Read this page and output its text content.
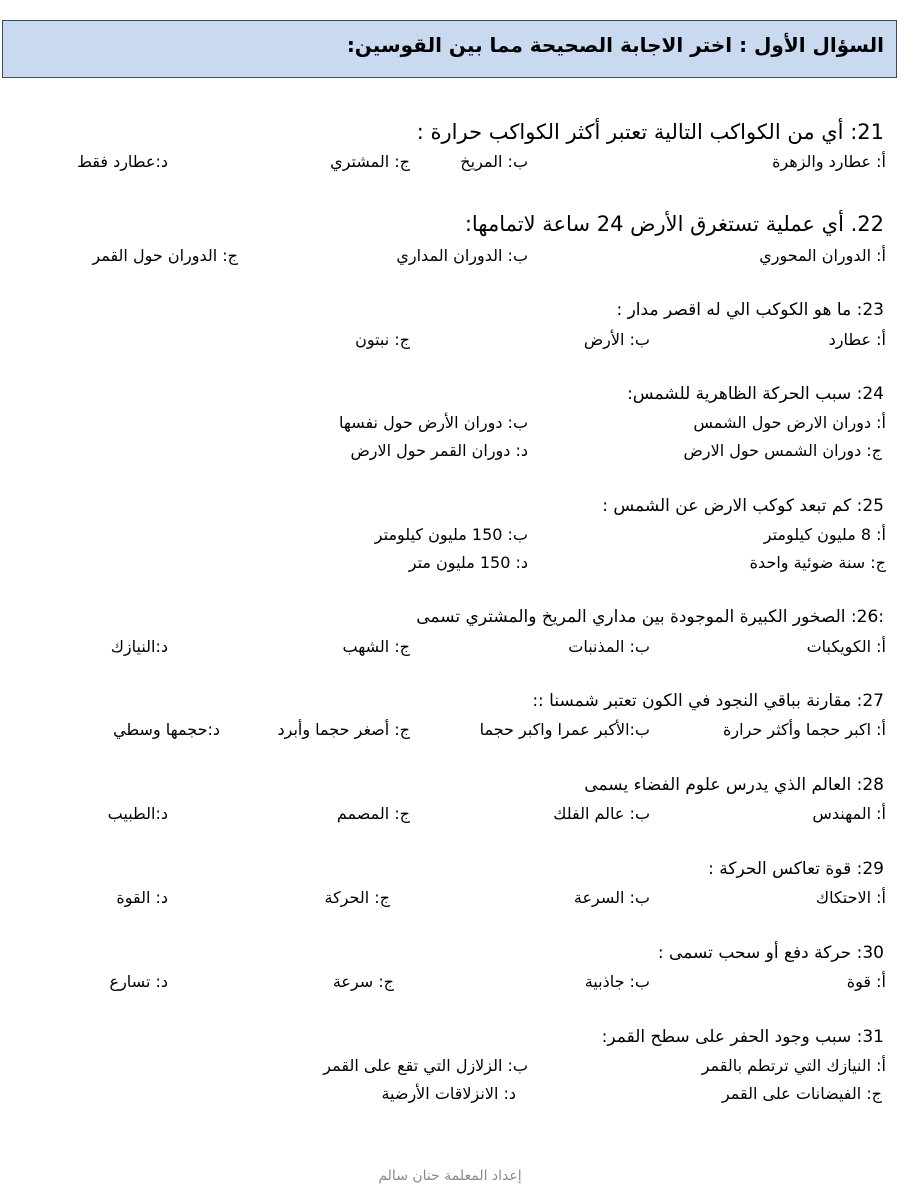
السؤال الأول : اختر الاجابة الصحيحة مما بين القوسين:
21: أي من الكواكب التالية تعتبر أكثر الكواكب حرارة :
أ: عطارد والزهرة
ب: المريخ
ج: المشتري
د:عطارد فقط
22. أي عملية تستغرق الأرض 24 ساعة لاتمامها:
أ: الدوران المحوري
ب: الدوران المداري
ج: الدوران حول القمر
23: ما هو الكوكب الي له اقصر مدار :
أ: عطارد
ب: الأرض
ج: نبتون
24: سبب الحركة الظاهرية للشمس:
أ: دوران الارض حول الشمس
ب: دوران الأرض حول نفسها
ج: دوران الشمس حول الارض
د: دوران القمر حول الارض
25: كم تبعد كوكب الارض عن الشمس :
أ: 8 مليون كيلومتر
ب: 150 مليون كيلومتر
ج: سنة ضوئية واحدة
د: 150 مليون متر
:26: الصخور الكبيرة الموجودة بين مداري المريخ والمشتري تسمى
أ: الكويكبات
ب: المذنبات
ج: الشهب
د:النيازك
27: مقارنة بباقي النجود في الكون تعتبر شمسنا ::
أ: اكبر حجما وأكثر حرارة
ب:الأكبر عمرا واكبر حجما
ج: أصغر حجما وأبرد
د:حجمها وسطي
28: العالم الذي يدرس علوم الفضاء يسمى
أ: المهندس
ب: عالم الفلك
ج: المصمم
د:الطبيب
29: قوة تعاكس الحركة :
أ: الاحتكاك
ب: السرعة
ج: الحركة
د: القوة
30: حركة دفع أو سحب تسمى :
أ: قوة
ب: جاذبية
ج: سرعة
د: تسارع
31: سبب وجود الحفر على سطح القمر:
أ: النيازك التي ترتطم بالقمر
ب: الزلازل التي تقع على القمر
ج: الفيضانات على القمر
د: الانزلاقات الأرضية
إعداد المعلمة حنان سالم
